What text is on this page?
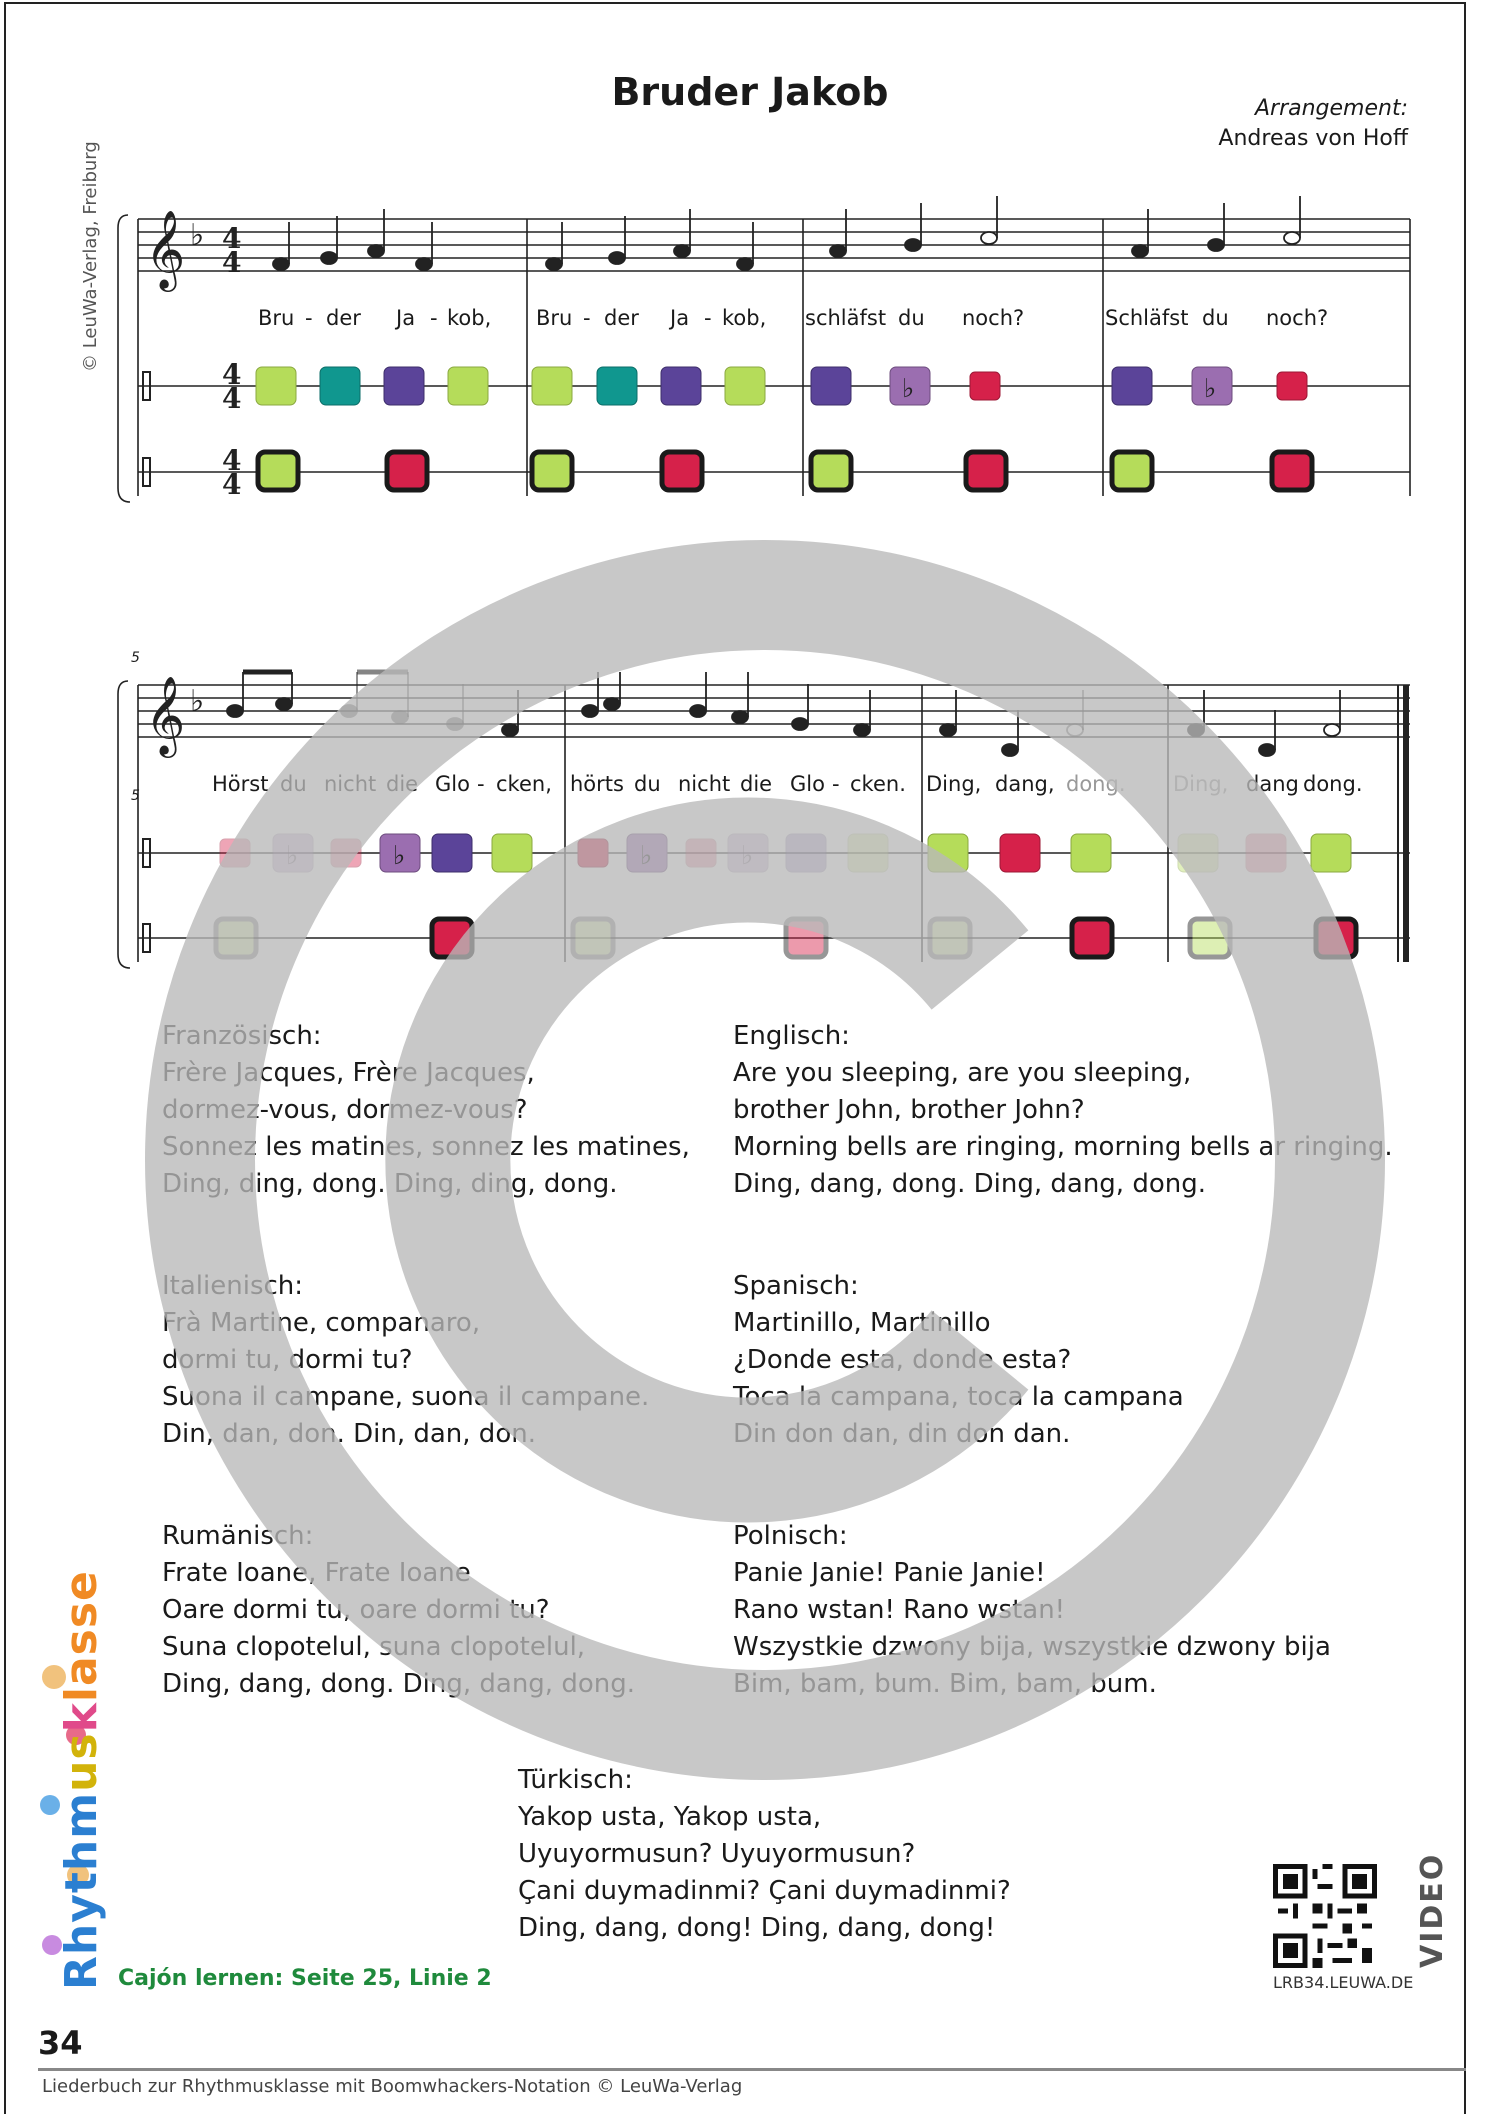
Bruder Jakob	Arrangement:
Andreas von Hoff
© LeuWa-Verlag, Freiburg 𝄞 ♭ 4
4
4
4
4
4
♭	♭
𝄞 ♭
♭	♭	♭	♭
Bru - der Ja - kob, Bru - der Ja - kob, schläfst du noch?	Schläfst du noch?
5
5	Hörst du nicht die Glo - cken, hörts du nicht die Glo - cken. Ding, dang, dong. Ding, dang dong.
Französisch:
Frère Jacques, Frère Jacques,
dormez-vous, dormez-vous?
Sonnez les matines, sonnez les matines,
Ding, ding, dong. Ding, ding, dong.
Englisch:
Are you sleeping, are you sleeping,
brother John, brother John?
Morning bells are ringing, morning bells ar ringing.
Ding, dang, dong. Ding, dang, dong.
Italienisch:
Frà Martine, companaro,
dormi tu, dormi tu?
Suona il campane, suona il campane.
Din, dan, don. Din, dan, don.
Spanisch:
Martinillo, Martinillo
¿Donde esta, donde esta?
Toca la campana, toca la campana
Din don dan, din don dan.
Rumänisch:
Frate Ioane, Frate Ioane
Oare dormi tu, oare dormi tu?
Suna clopotelul, suna clopotelul,
Ding, dang, dong. Ding, dang, dong.
Polnisch:
Panie Janie! Panie Janie!
Rano wstan! Rano wstan!
Wszystkie dzwony bija, wszystkie dzwony bija
Bim, bam, bum. Bim, bam, bum.
Türkisch:
Yakop usta, Yakop usta,
Uyuyormusun? Uyuyormusun?
Çani duymadinmi? Çani duymadinmi?
Ding, dang, dong! Ding, dang, dong!
Rhythmusklasse
Cajón lernen: Seite 25, Linie 2
VIDEO
LRB34.LEUWA.DE
34
Liederbuch zur Rhythmusklasse mit Boomwhackers-Notation © LeuWa-Verlag
